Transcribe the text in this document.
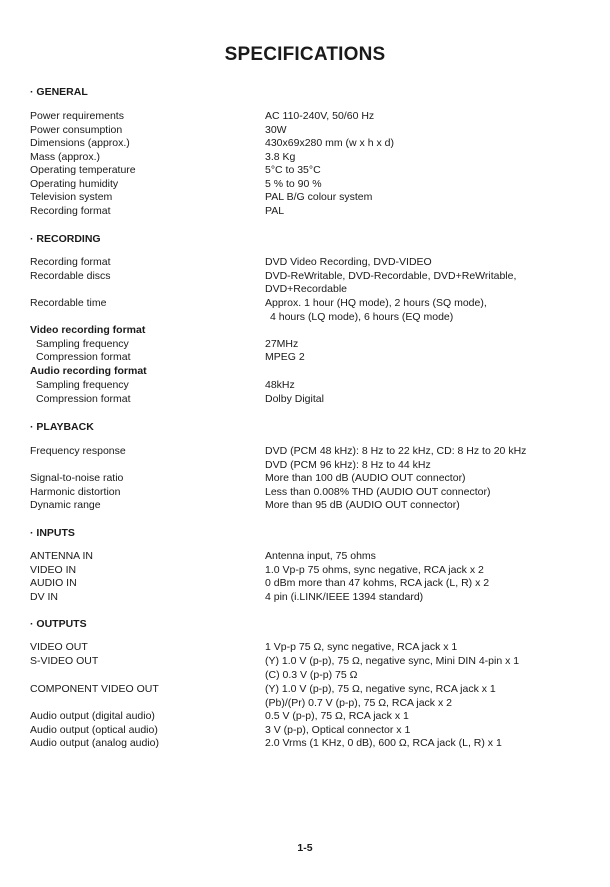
SPECIFICATIONS
· GENERAL
Power requirements	AC 110-240V, 50/60 Hz
Power consumption	30W
Dimensions (approx.)	430x69x280 mm (w x h x d)
Mass (approx.)	3.8 Kg
Operating temperature	5°C to 35°C
Operating humidity	5 % to 90 %
Television system	PAL B/G colour system
Recording format	PAL
· RECORDING
Recording format	DVD Video Recording, DVD-VIDEO
Recordable discs	DVD-ReWritable, DVD-Recordable, DVD+ReWritable,
DVD+Recordable
Recordable time	Approx. 1 hour (HQ mode), 2 hours (SQ mode),
4 hours (LQ mode), 6 hours (EQ mode)
Video recording format
Sampling frequency	27MHz
Compression format	MPEG 2
Audio recording format
Sampling frequency	48kHz
Compression format	Dolby Digital
· PLAYBACK
Frequency response	DVD (PCM 48 kHz): 8 Hz to 22 kHz, CD: 8 Hz to 20 kHz
DVD (PCM 96 kHz): 8 Hz to 44 kHz
Signal-to-noise ratio	More than 100 dB (AUDIO OUT connector)
Harmonic distortion	Less than 0.008% THD (AUDIO OUT connector)
Dynamic range	More than 95 dB (AUDIO OUT connector)
· INPUTS
ANTENNA IN	Antenna input, 75 ohms
VIDEO IN	1.0 Vp-p 75 ohms, sync negative, RCA jack x 2
AUDIO IN	0 dBm more than 47 kohms, RCA jack (L, R) x 2
DV IN	4 pin (i.LINK/IEEE 1394 standard)
· OUTPUTS
VIDEO OUT	1 Vp-p 75 Ω, sync negative, RCA jack x 1
S-VIDEO OUT	(Y) 1.0 V (p-p), 75 Ω, negative sync, Mini DIN 4-pin x 1
(C) 0.3 V (p-p) 75 Ω
COMPONENT VIDEO OUT	(Y) 1.0 V (p-p), 75 Ω, negative sync, RCA jack x 1
(Pb)/(Pr) 0.7 V (p-p), 75 Ω, RCA jack x 2
Audio output (digital audio)	0.5 V (p-p), 75 Ω, RCA jack x 1
Audio output (optical audio)	3 V (p-p), Optical connector x 1
Audio output (analog audio)	2.0 Vrms (1 KHz, 0 dB), 600 Ω, RCA jack (L, R) x 1
1-5
